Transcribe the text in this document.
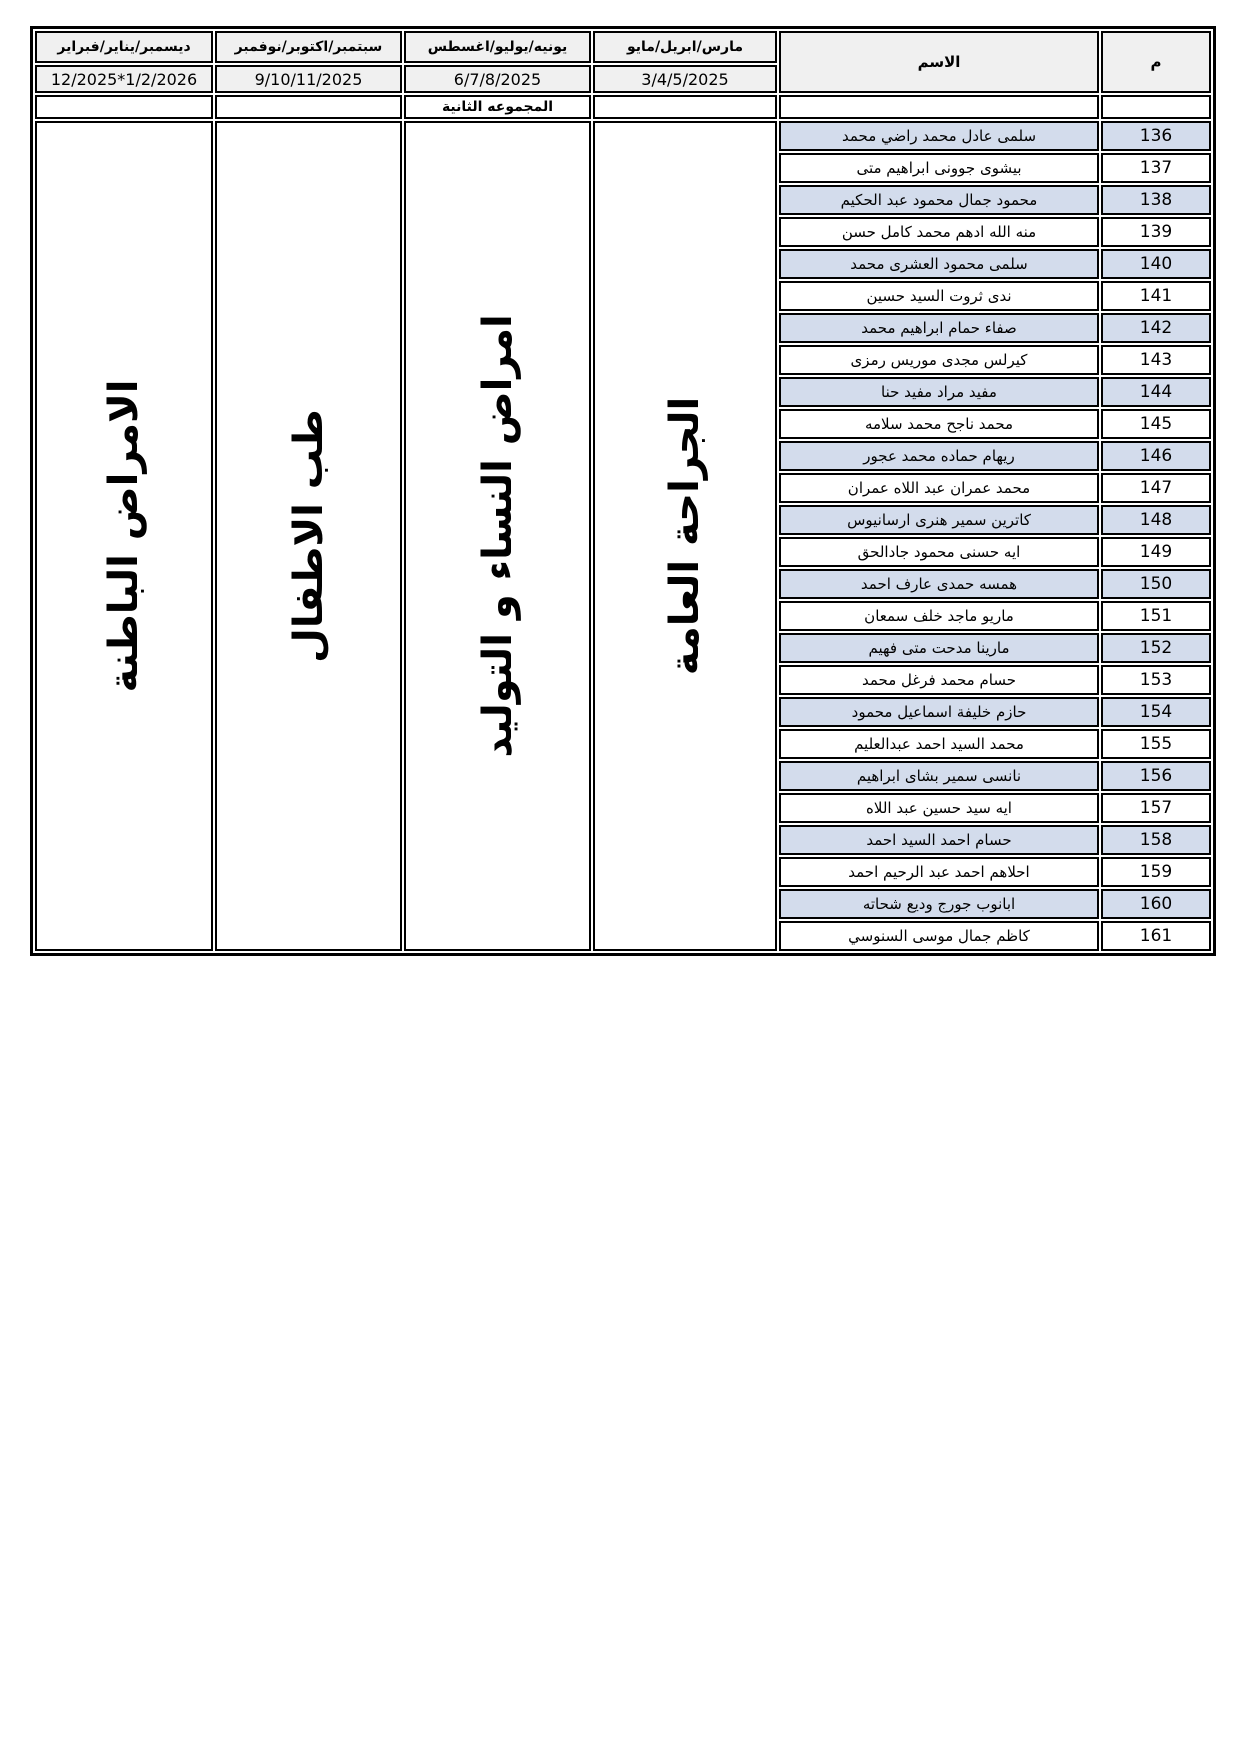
م	الاسم	مارس/ابريل/مايو	يونيه/يوليو/اغسطس	سبتمبر/اكتوبر/نوفمبر	ديسمبر/يناير/فبراير
		3/4/5/2025	6/7/8/2025	9/10/11/2025	12/2025*1/2/2026
			المجموعه الثانية		
136	سلمى عادل محمد راضي محمد	الجراحة العامة	امراض النساء و التوليد	طب الاطفال	الامراض الباطنة

137	بيشوى جوونى ابراهيم متى				
138	محمود جمال محمود عبد الحكيم				
139	منه الله ادهم محمد كامل حسن				
140	سلمى محمود العشرى محمد				
141	ندى ثروت السيد حسين				
142	صفاء حمام ابراهيم محمد				
143	كيرلس مجدى موريس رمزى				
144	مفيد مراد مفيد حنا				
145	محمد ناجح محمد سلامه				
146	ريهام حماده محمد عجور				
147	محمد عمران عبد اللاه عمران				
148	كاترين سمير هنرى ارسانيوس				
149	ايه حسنى محمود جادالحق				
150	همسه حمدى عارف احمد				
151	ماريو ماجد خلف سمعان				
152	مارينا مدحت متى فهيم				
153	حسام محمد فرغل محمد				
154	حازم خليفة اسماعيل محمود				
155	محمد السيد احمد عبدالعليم				
156	نانسى سمير بشاى ابراهيم				
157	ايه سيد حسين عبد اللاه				
158	حسام احمد السيد احمد				
159	احلاهم احمد عبد الرحيم احمد				
160	ابانوب جورج وديع شحاته				
161	كاظم جمال موسى السنوسي				
